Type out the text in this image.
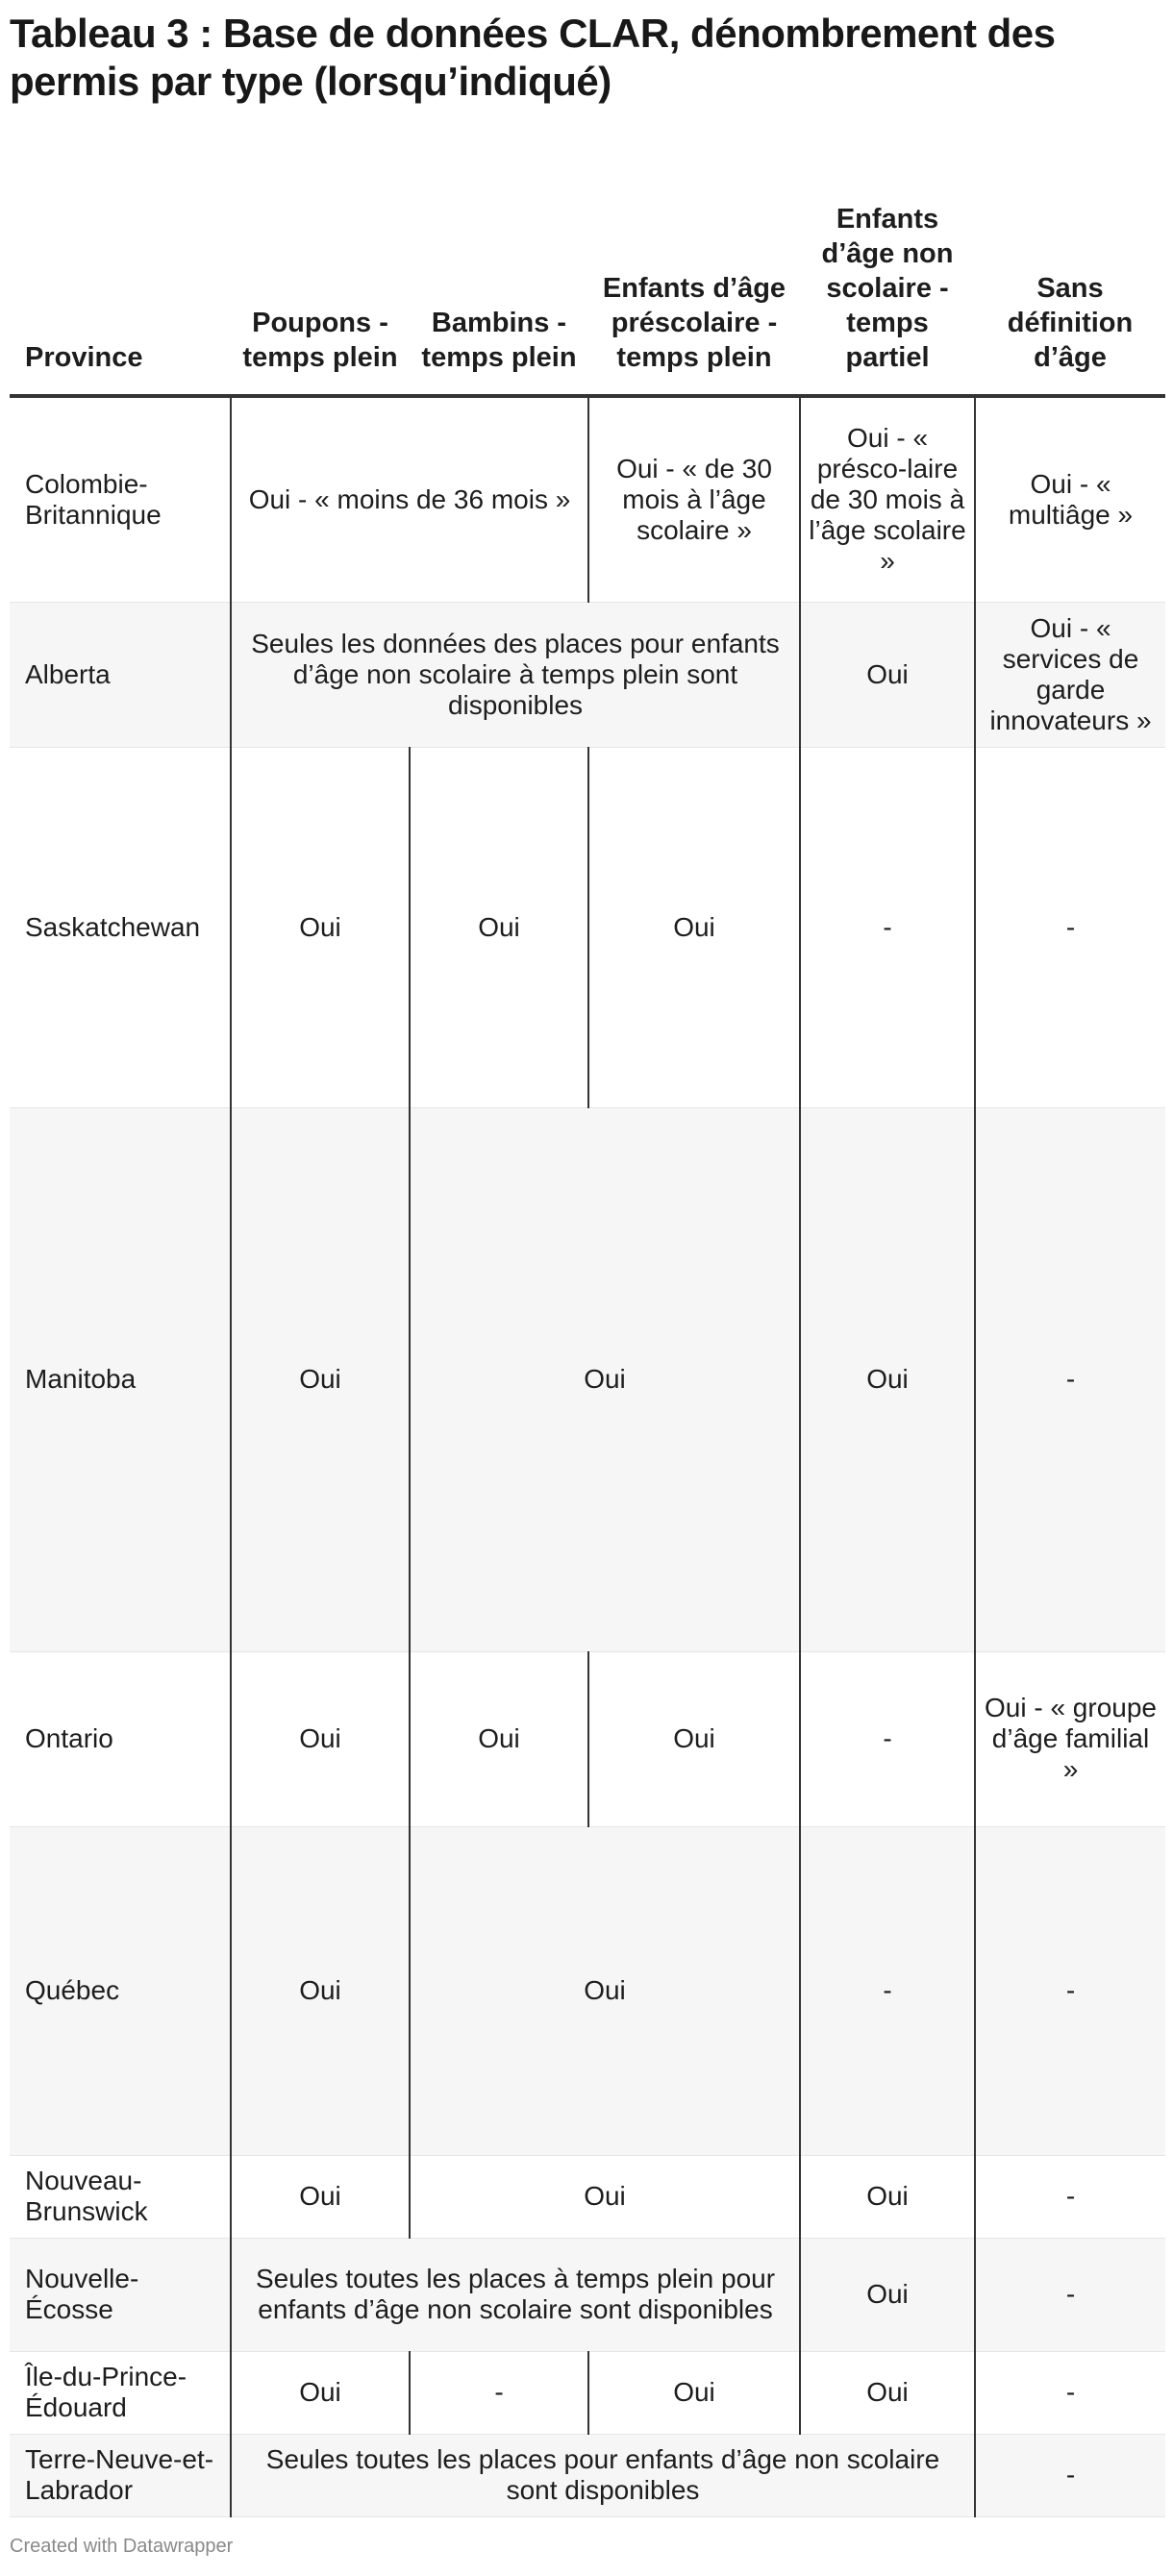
Tableau 3 : Base de données CLAR, dénombrement des permis par type (lorsqu’indiqué)
Province	Poupons - temps plein	Bambins - temps plein	Enfants d’âge préscolaire - temps plein	Enfants d’âge non scolaire - temps partiel	Sans définition d’âge
Colombie-Britannique	Oui - « moins de 36 mois »		Oui - « de 30 mois à l’âge scolaire »	Oui - « présco-laire de 30 mois à l’âge scolaire »	Oui - « multiâge »
Alberta	Seules les données des places pour enfants d’âge non scolaire à temps plein sont disponibles			Oui	Oui - « services de garde innovateurs »
Saskatchewan	Oui	Oui	Oui	-	-
Manitoba	Oui	Oui		Oui	-
Ontario	Oui	Oui	Oui	-	Oui - « groupe d’âge familial »
Québec	Oui	Oui		-	-
Nouveau-Brunswick	Oui	Oui		Oui	-
Nouvelle-Écosse	Seules toutes les places à temps plein pour enfants d’âge non scolaire sont disponibles			Oui	-
Île-du-Prince-Édouard	Oui	-	Oui	Oui	-
Terre-Neuve-et-Labrador	Seules toutes les places pour enfants d’âge non scolaire sont disponibles				-
Created with Datawrapper
